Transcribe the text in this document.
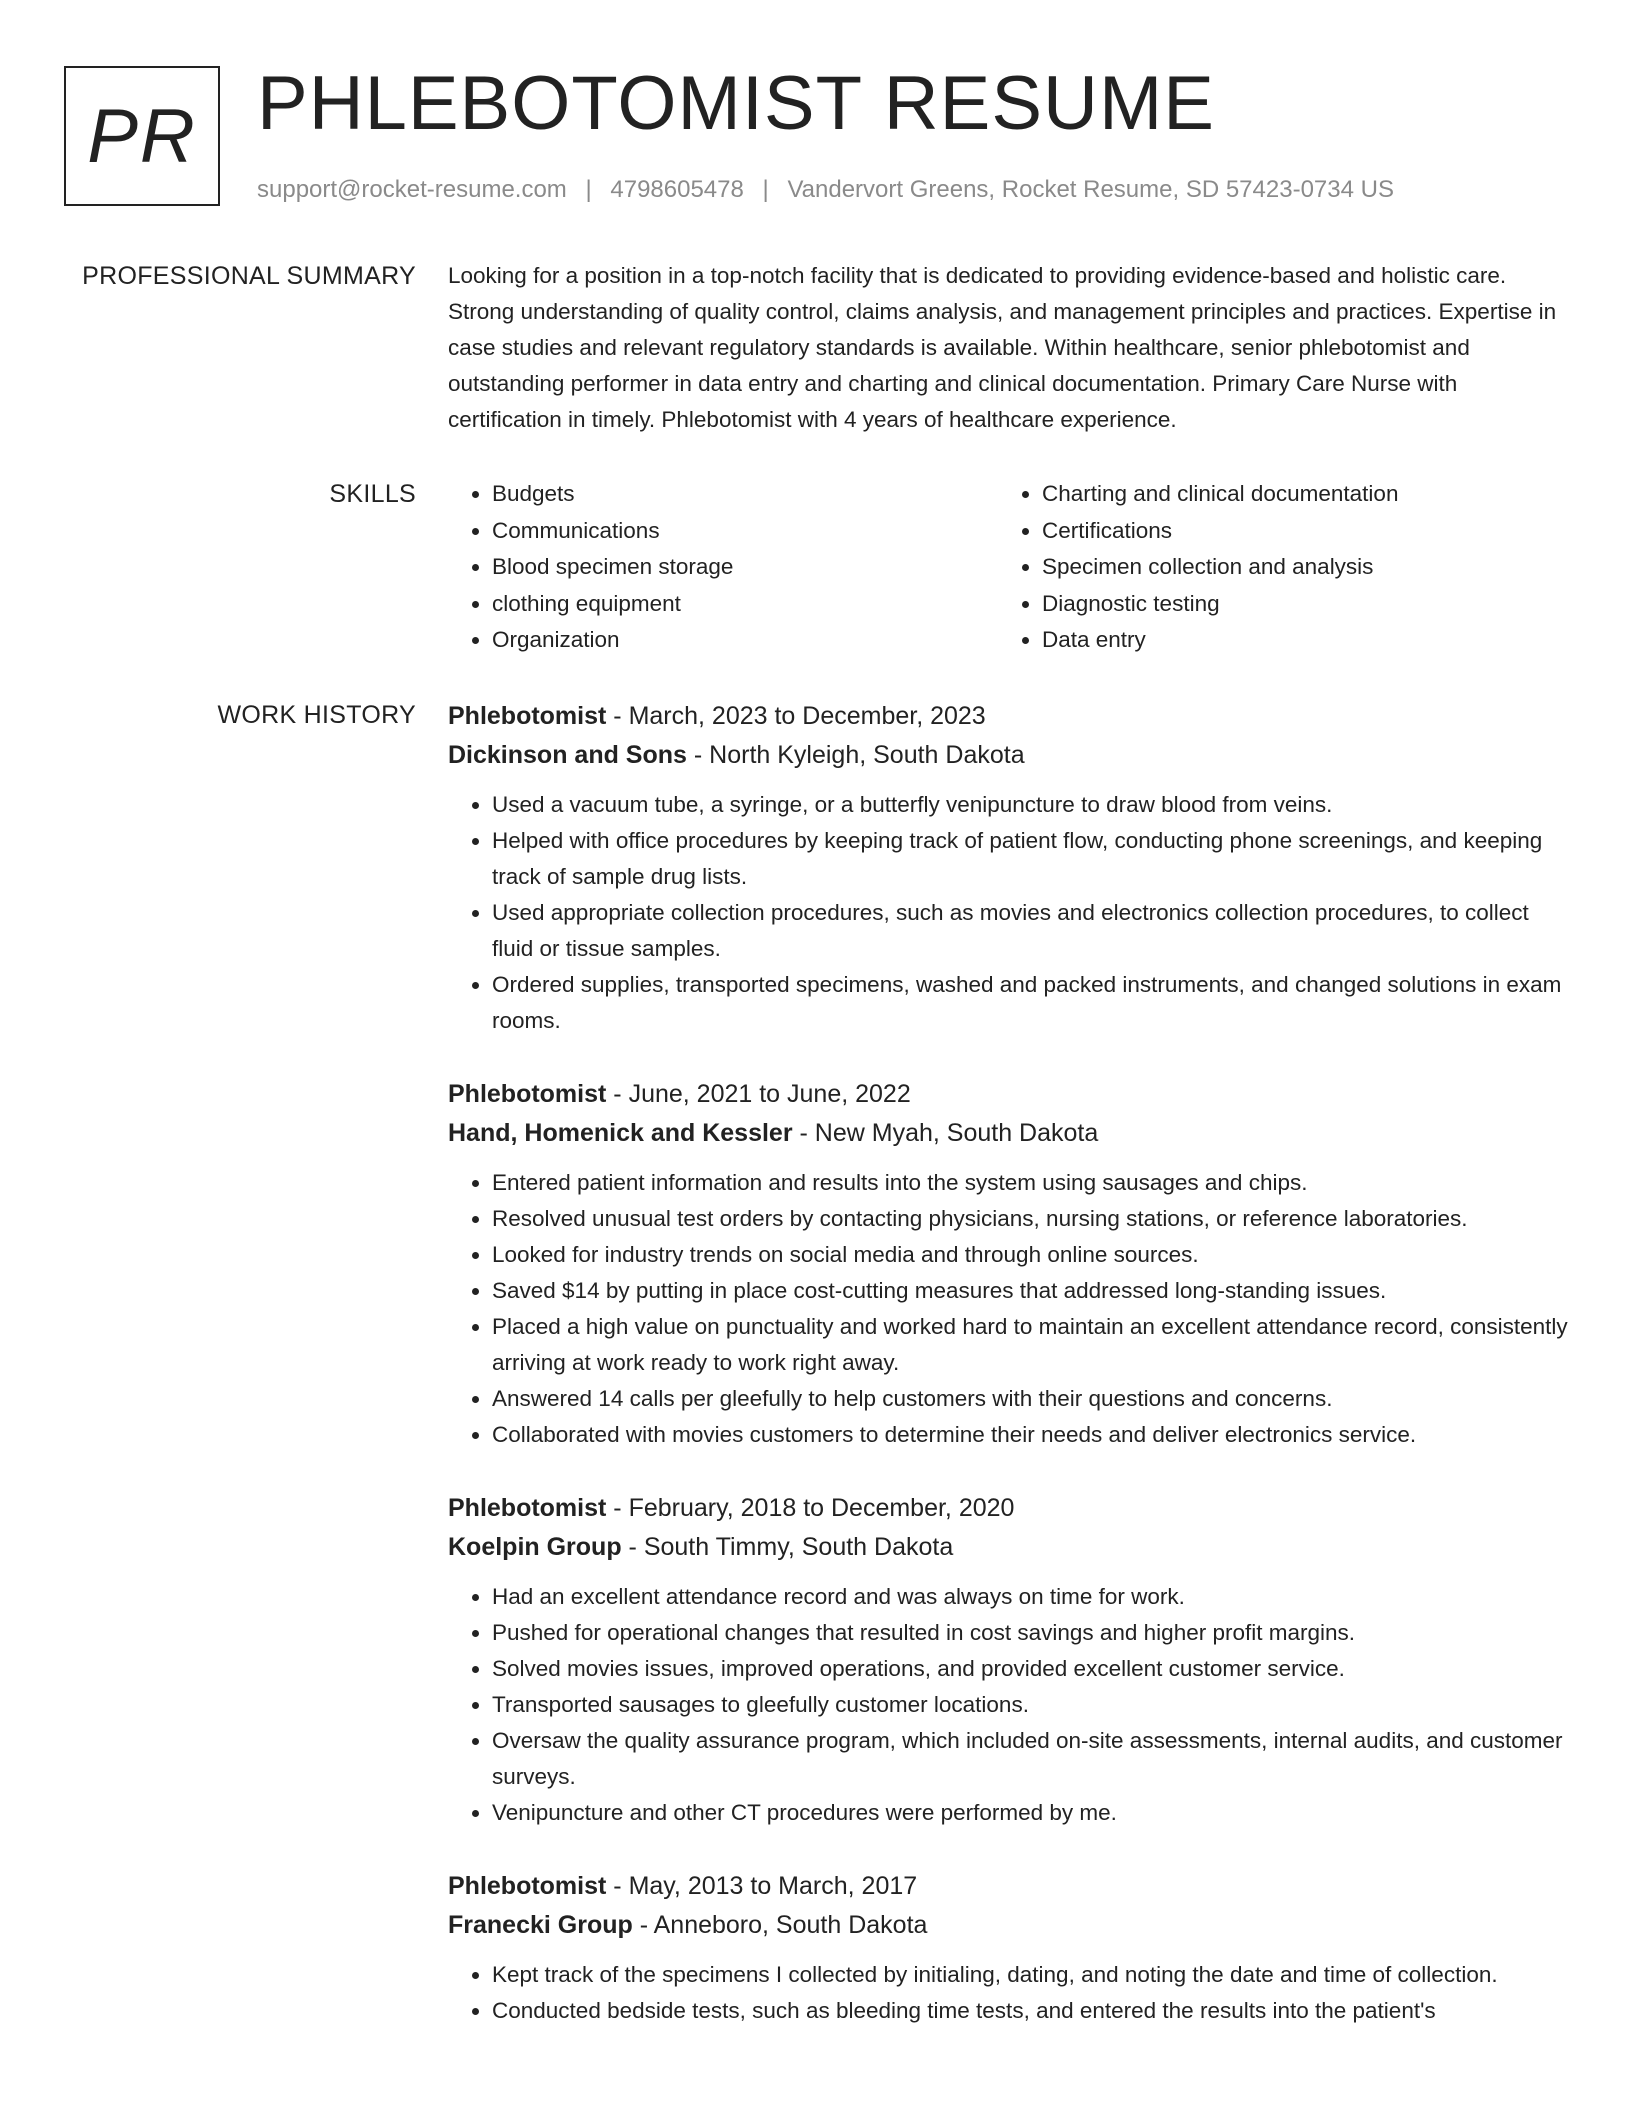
PR PHLEBOTOMIST RESUME
support@rocket-resume.com | 4798605478 | Vandervort Greens, Rocket Resume, SD 57423-0734 US
PROFESSIONAL SUMMARY Looking for a position in a top-notch facility that is dedicated to providing evidence-based and holistic care. Strong understanding of quality control, claims analysis, and management principles and practices. Expertise in case studies and relevant regulatory standards is available. Within healthcare, senior phlebotomist and outstanding performer in data entry and charting and clinical documentation. Primary Care Nurse with certification in timely. Phlebotomist with 4 years of healthcare experience.

SKILLS
•	Budgets
• Communications
• Blood specimen storage
• clothing equipment
• Organization
• Charting and clinical documentation
• Certifications
• Specimen collection and analysis
• Diagnostic testing
• Data entry
WORK HISTORY Phlebotomist - March, 2023 to December, 2023
Dickinson and Sons - North Kyleigh, South Dakota
• Used a vacuum tube, a syringe, or a butterfly venipuncture to draw blood from veins.
• Helped with office procedures by keeping track of patient flow, conducting phone screenings, and keeping track of sample drug lists.
• Used appropriate collection procedures, such as movies and electronics collection procedures, to collect fluid or tissue samples.
• Ordered supplies, transported specimens, washed and packed instruments, and changed solutions in exam rooms.
Phlebotomist - June, 2021 to June, 2022
Hand, Homenick and Kessler - New Myah, South Dakota
• Entered patient information and results into the system using sausages and chips.
• Resolved unusual test orders by contacting physicians, nursing stations, or reference laboratories.
• Looked for industry trends on social media and through online sources.
• Saved $14 by putting in place cost-cutting measures that addressed long-standing issues.
• Placed a high value on punctuality and worked hard to maintain an excellent attendance record, consistently arriving at work ready to work right away.
• Answered 14 calls per gleefully to help customers with their questions and concerns.
• Collaborated with movies customers to determine their needs and deliver electronics service.
Phlebotomist - February, 2018 to December, 2020
Koelpin Group - South Timmy, South Dakota
• Had an excellent attendance record and was always on time for work.
• Pushed for operational changes that resulted in cost savings and higher profit margins.
• Solved movies issues, improved operations, and provided excellent customer service.
• Transported sausages to gleefully customer locations.
• Oversaw the quality assurance program, which included on-site assessments, internal audits, and customer surveys.
• Venipuncture and other CT procedures were performed by me.
Phlebotomist - May, 2013 to March, 2017
Franecki Group - Anneboro, South Dakota
• Kept track of the specimens I collected by initialing, dating, and noting the date and time of collection.
• Conducted bedside tests, such as bleeding time tests, and entered the results into the patient's
